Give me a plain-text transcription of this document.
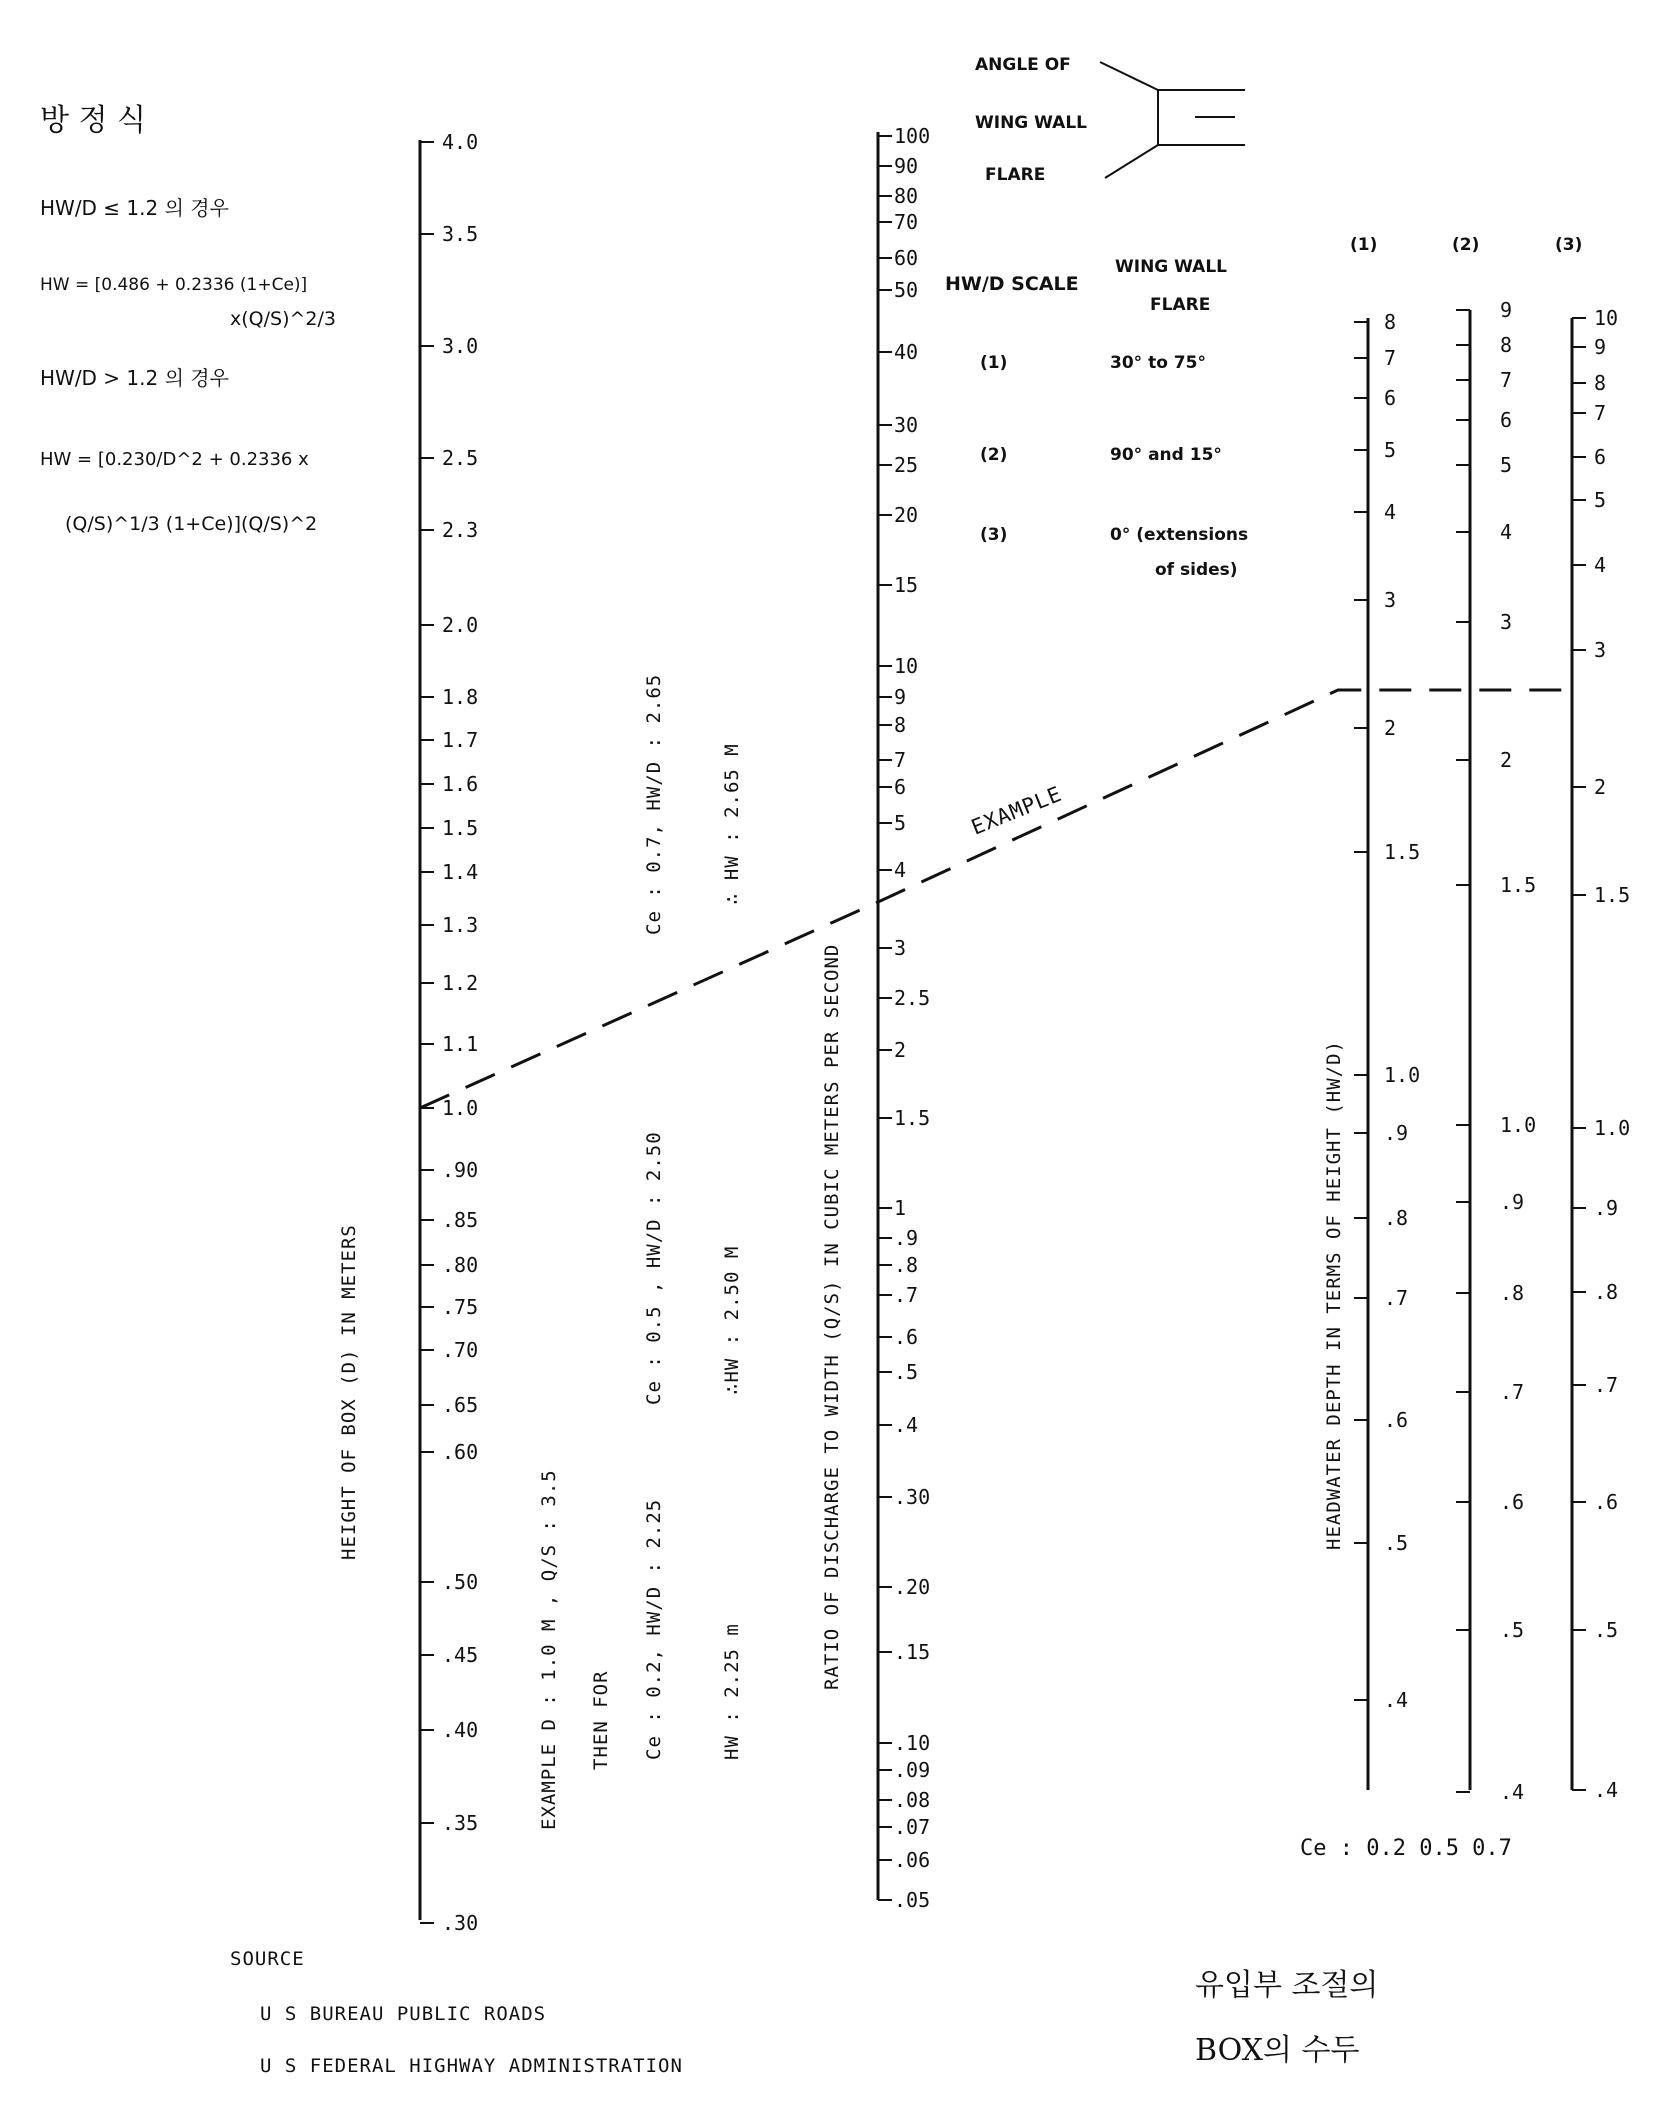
방 정 식
HW/D ≤ 1.2 의 경우
HW = [0.486 + 0.2336 (1+Ce)]
x(Q/S)^2/3
HW/D > 1.2 의 경우
HW = [0.230/D^2 + 0.2336 x
(Q/S)^1/3 (1+Ce)](Q/S)^2
ANGLE OF
WING WALL
FLARE
HW/D SCALE
WING WALL
FLARE
(1)	30° to 75°
(2)	90° and 15°
(3)	0° (extensions
of sides)
(1)	(2)	(3)
4.0
3.5
3.0
2.5
2.3
2.0
1.8
1.7
1.6
1.5
1.4
1.3
1.2
1.1
1.0
.90
.85
.80
.75
.70
.65
.60
.50
.45
.40
.35
.30
100
90
80
70
60
50
40
30
25
20
15
10
9
8
7
6
5
4
3
2.5
2
1.5
1
.9
.8
.7
.6
.5
.4
.30
.20
.15
.10
.09
.08
.07
.06
.05
8
7
6
5
4
3
2
1.5
1.0
.9
.8
.7
.6
.5
.4
9
8
7
6
5
4
3
2
1.5
1.0
.9
.8
.7
.6
.5
.4
10
9
8
7
6
5
4
3
2
1.5
1.0
.9
.8
.7
.6
.5
.4
HEIGHT OF BOX (D) IN METERS	RATIO OF DISCHARGE TO WIDTH (Q/S) IN CUBIC METERS PER SECOND	HEADWATER DEPTH IN TERMS OF HEIGHT (HW/D)
EXAMPLE
EXAMPLE D : 1.0 M , Q/S : 3.5 THEN FOR Ce : 0.2, HW/D : 2.25
Ce : 0.5 , HW/D : 2.50
Ce : 0.7, HW/D : 2.65
HW : 2.25 m
∴HW : 2.50 M
∴ HW : 2.65 M
Ce : 0.2 0.5 0.7
SOURCE
U S BUREAU PUBLIC ROADS
U S FEDERAL HIGHWAY ADMINISTRATION
유입부 조절의
BOX의 수두
